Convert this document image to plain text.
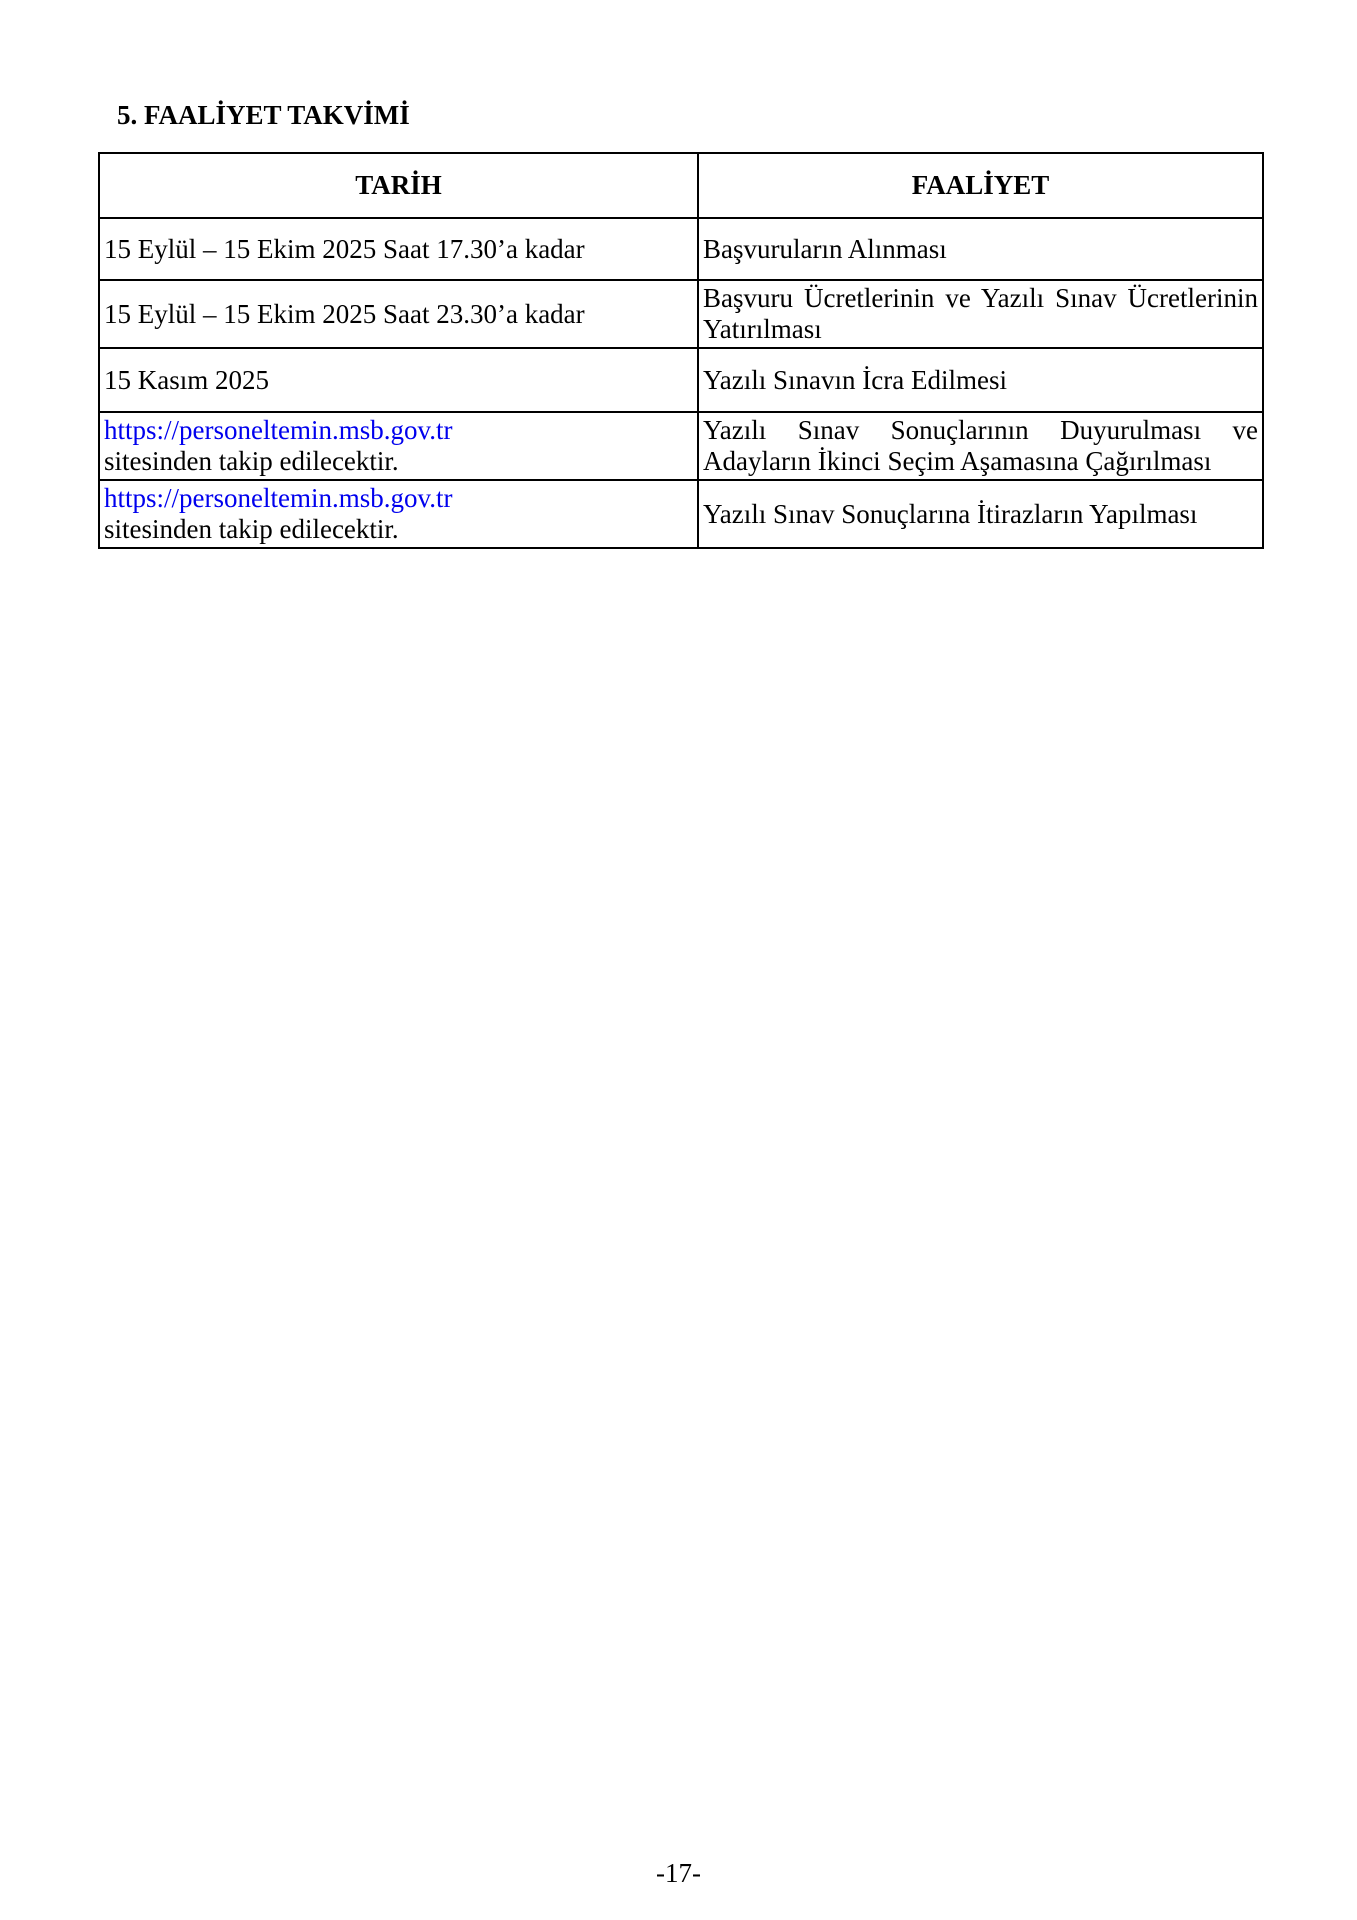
5. FAALİYET TAKVİMİ
TARİH	FAALİYET
15 Eylül – 15 Ekim 2025 Saat 17.30’a kadar	Başvuruların Alınması
15 Eylül – 15 Ekim 2025 Saat 23.30’a kadar	Başvuru Ücretlerinin ve Yazılı Sınav Ücretlerinin Yatırılması
15 Kasım 2025	Yazılı Sınavın İcra Edilmesi
https://personeltemin.msb.gov.tr
sitesinden takip edilecektir.	Yazılı Sınav Sonuçlarının Duyurulması ve Adayların İkinci Seçim Aşamasına Çağırılması
https://personeltemin.msb.gov.tr
sitesinden takip edilecektir.	Yazılı Sınav Sonuçlarına İtirazların Yapılması
-17-
